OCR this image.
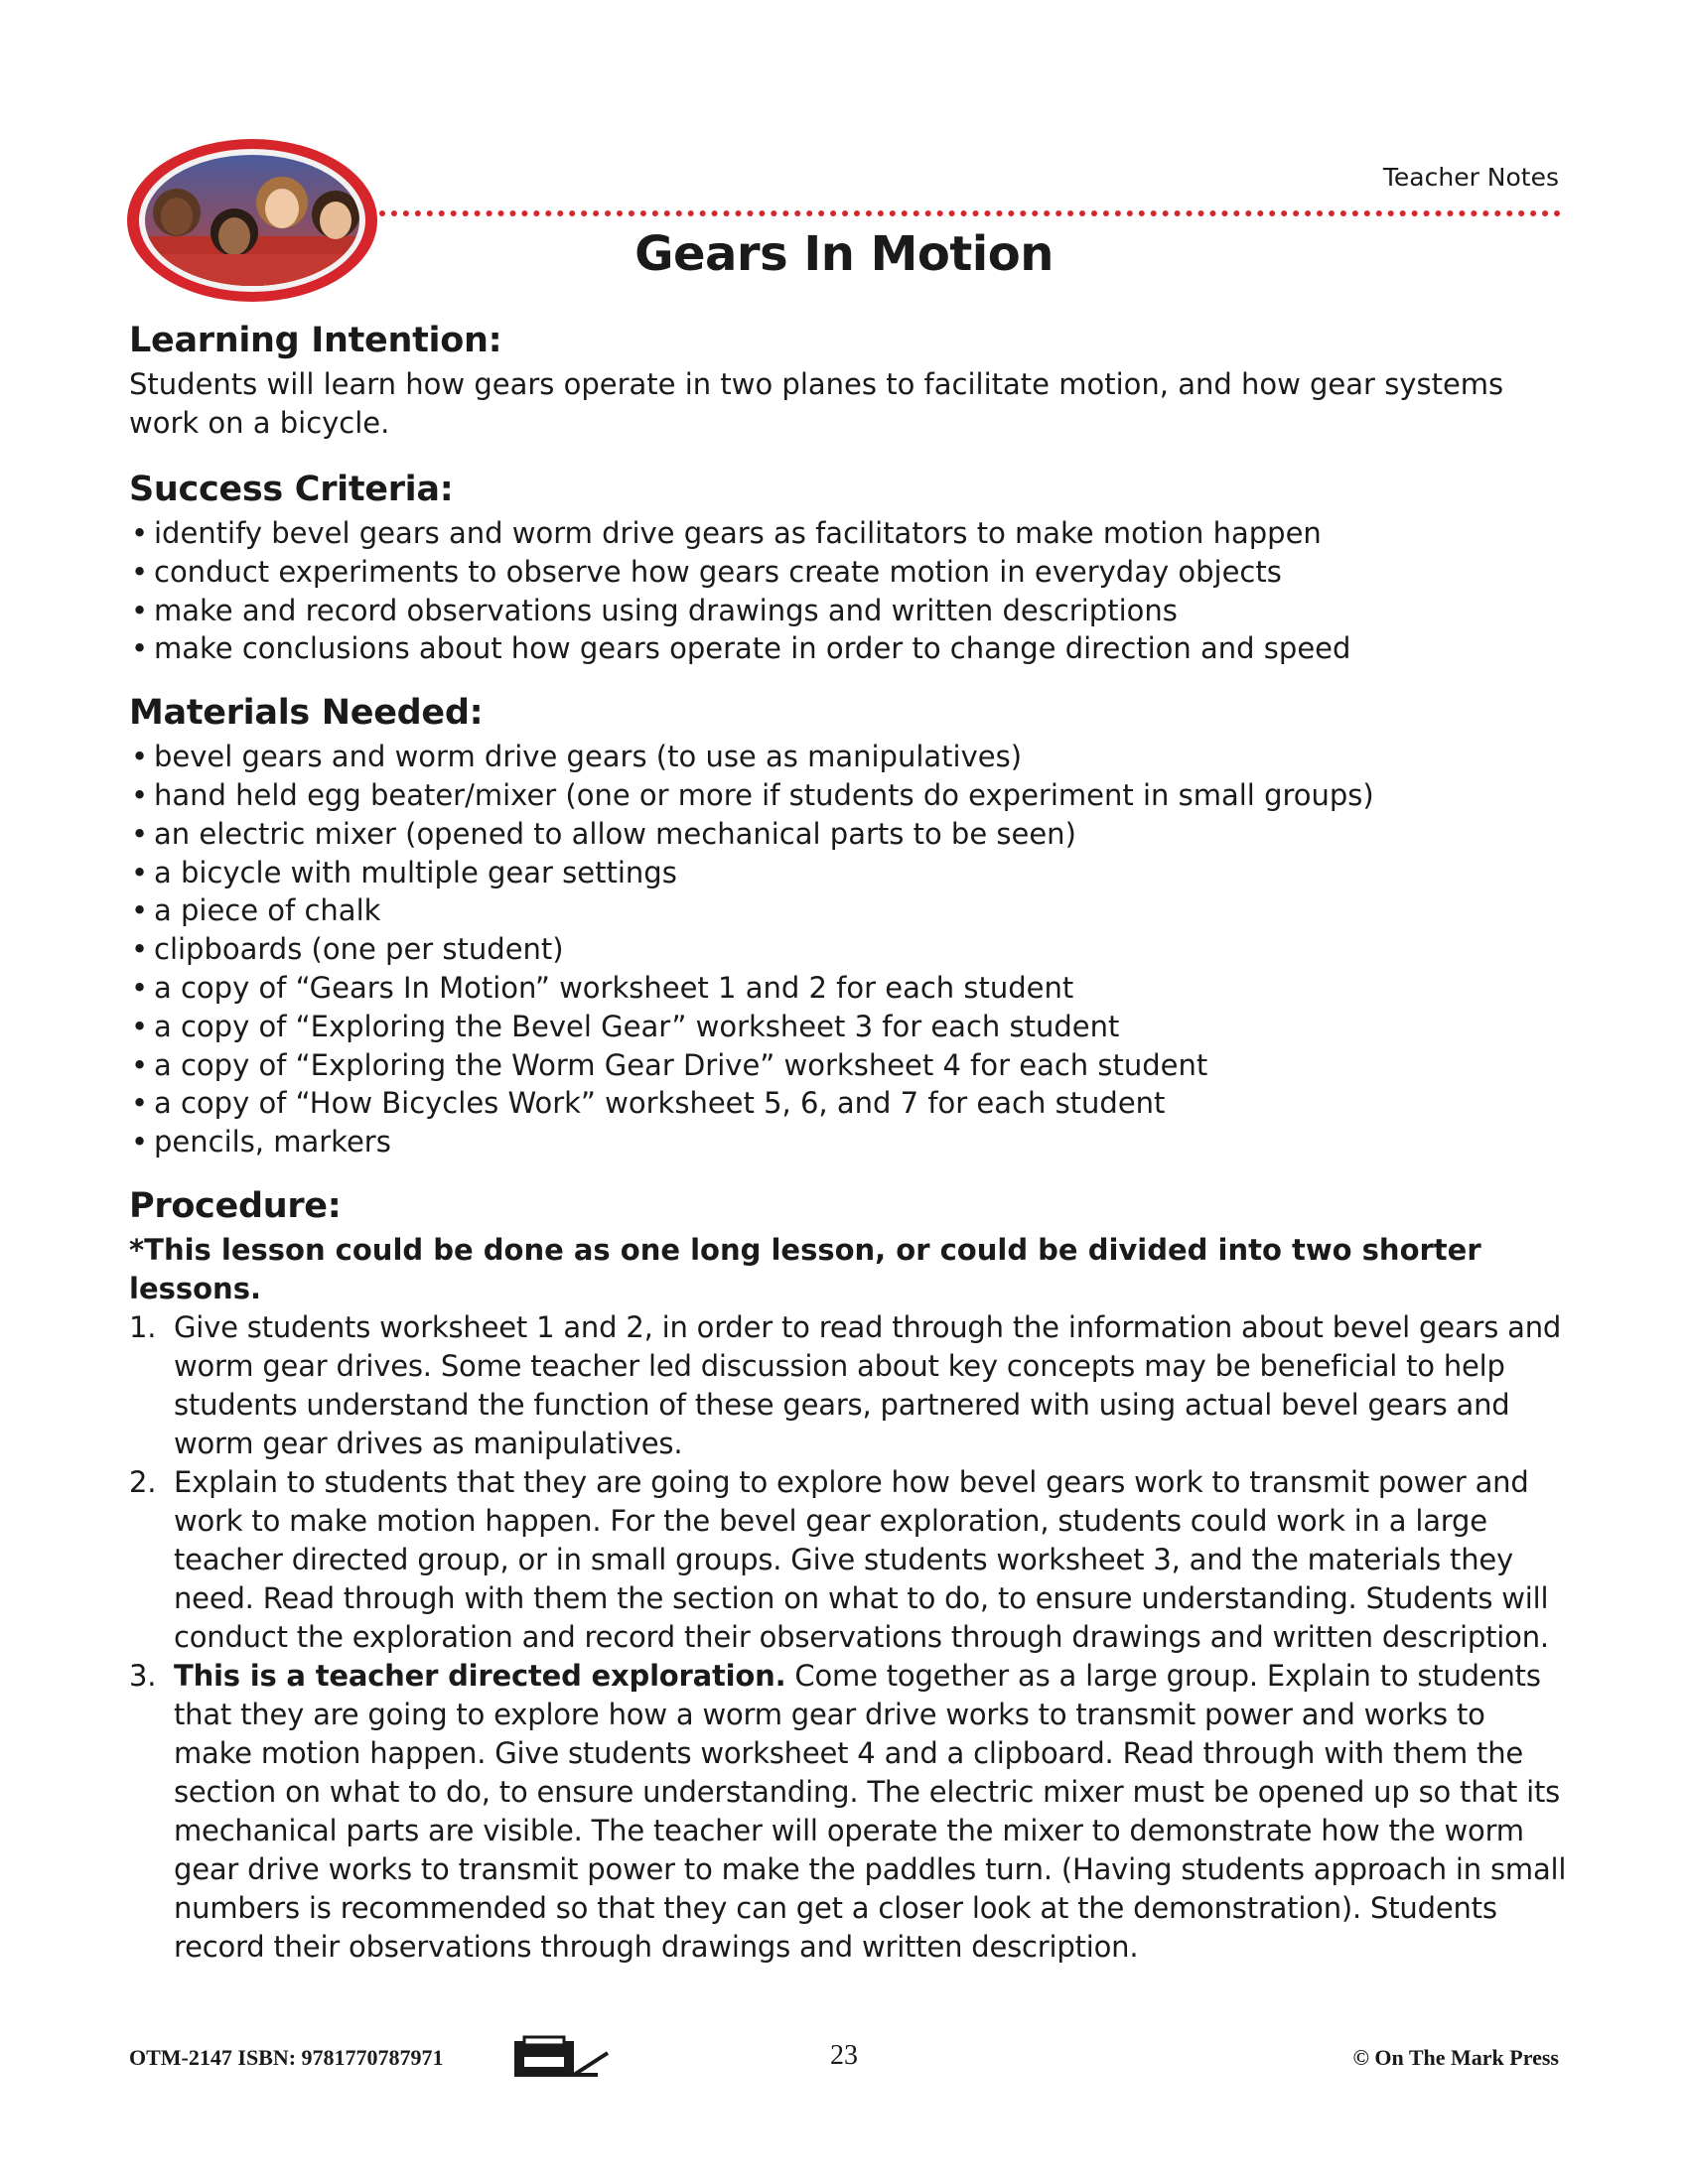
Teacher Notes
Gears In Motion
Learning Intention:

Students will learn how gears operate in two planes to facilitate motion, and how gear systems work on a bicycle.

Success Criteria:
• identify bevel gears and worm drive gears as facilitators to make motion happen
• conduct experiments to observe how gears create motion in everyday objects
• make and record observations using drawings and written descriptions
• make conclusions about how gears operate in order to change direction and speed
Materials Needed:
• bevel gears and worm drive gears (to use as manipulatives)
• hand held egg beater/mixer (one or more if students do experiment in small groups)
• an electric mixer (opened to allow mechanical parts to be seen)
• a bicycle with multiple gear settings
• a piece of chalk
• clipboards (one per student)
• a copy of “Gears In Motion” worksheet 1 and 2 for each student
• a copy of “Exploring the Bevel Gear” worksheet 3 for each student
• a copy of “Exploring the Worm Gear Drive” worksheet 4 for each student
• a copy of “How Bicycles Work” worksheet 5, 6, and 7 for each student
• pencils, markers
Procedure:

*This lesson could be done as one long lesson, or could be divided into two shorter lessons.

1. Give students worksheet 1 and 2, in order to read through the information about bevel gears and worm gear drives. Some teacher led discussion about key concepts may be beneficial to help students understand the function of these gears, partnered with using actual bevel gears and worm gear drives as manipulatives.
2. Explain to students that they are going to explore how bevel gears work to transmit power and work to make motion happen. For the bevel gear exploration, students could work in a large teacher directed group, or in small groups. Give students worksheet 3, and the materials they need. Read through with them the section on what to do, to ensure understanding. Students will conduct the exploration and record their observations through drawings and written description.
3. This is a teacher directed exploration. Come together as a large group. Explain to students that they are going to explore how a worm gear drive works to transmit power and works to make motion happen. Give students worksheet 4 and a clipboard. Read through with them the section on what to do, to ensure understanding. The electric mixer must be opened up so that its mechanical parts are visible. The teacher will operate the mixer to demonstrate how the worm gear drive works to transmit power to make the paddles turn. (Having students approach in small numbers is recommended so that they can get a closer look at the demonstration). Students record their observations through drawings and written description.
OTM-2147 ISBN: 9781770787971	23	© On The Mark Press
